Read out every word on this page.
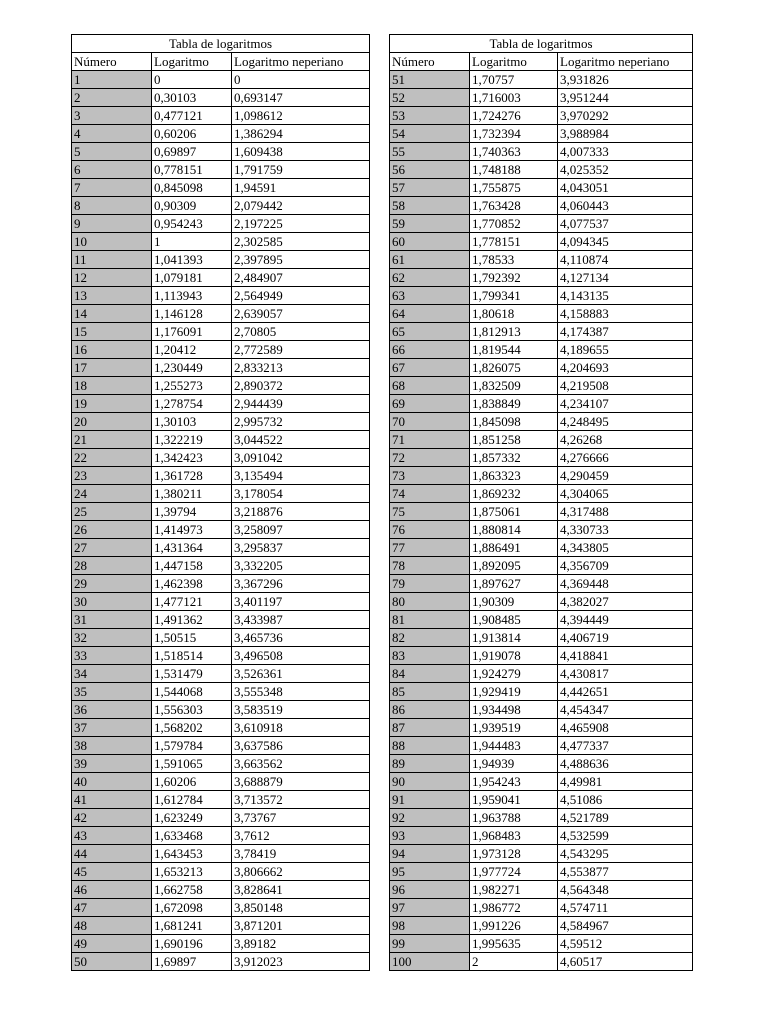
Tabla de logaritmos		
Número	Logaritmo	Logaritmo neperiano
1	0	0
2	0,30103	0,693147
3	0,477121	1,098612
4	0,60206	1,386294
5	0,69897	1,609438
6	0,778151	1,791759
7	0,845098	1,94591
8	0,90309	2,079442
9	0,954243	2,197225
10	1	2,302585
11	1,041393	2,397895
12	1,079181	2,484907
13	1,113943	2,564949
14	1,146128	2,639057
15	1,176091	2,70805
16	1,20412	2,772589
17	1,230449	2,833213
18	1,255273	2,890372
19	1,278754	2,944439
20	1,30103	2,995732
21	1,322219	3,044522
22	1,342423	3,091042
23	1,361728	3,135494
24	1,380211	3,178054
25	1,39794	3,218876
26	1,414973	3,258097
27	1,431364	3,295837
28	1,447158	3,332205
29	1,462398	3,367296
30	1,477121	3,401197
31	1,491362	3,433987
32	1,50515	3,465736
33	1,518514	3,496508
34	1,531479	3,526361
35	1,544068	3,555348
36	1,556303	3,583519
37	1,568202	3,610918
38	1,579784	3,637586
39	1,591065	3,663562
40	1,60206	3,688879
41	1,612784	3,713572
42	1,623249	3,73767
43	1,633468	3,7612
44	1,643453	3,78419
45	1,653213	3,806662
46	1,662758	3,828641
47	1,672098	3,850148
48	1,681241	3,871201
49	1,690196	3,89182
50	1,69897	3,912023
Tabla de logaritmos		
Número	Logaritmo	Logaritmo neperiano
51	1,70757	3,931826
52	1,716003	3,951244
53	1,724276	3,970292
54	1,732394	3,988984
55	1,740363	4,007333
56	1,748188	4,025352
57	1,755875	4,043051
58	1,763428	4,060443
59	1,770852	4,077537
60	1,778151	4,094345
61	1,78533	4,110874
62	1,792392	4,127134
63	1,799341	4,143135
64	1,80618	4,158883
65	1,812913	4,174387
66	1,819544	4,189655
67	1,826075	4,204693
68	1,832509	4,219508
69	1,838849	4,234107
70	1,845098	4,248495
71	1,851258	4,26268
72	1,857332	4,276666
73	1,863323	4,290459
74	1,869232	4,304065
75	1,875061	4,317488
76	1,880814	4,330733
77	1,886491	4,343805
78	1,892095	4,356709
79	1,897627	4,369448
80	1,90309	4,382027
81	1,908485	4,394449
82	1,913814	4,406719
83	1,919078	4,418841
84	1,924279	4,430817
85	1,929419	4,442651
86	1,934498	4,454347
87	1,939519	4,465908
88	1,944483	4,477337
89	1,94939	4,488636
90	1,954243	4,49981
91	1,959041	4,51086
92	1,963788	4,521789
93	1,968483	4,532599
94	1,973128	4,543295
95	1,977724	4,553877
96	1,982271	4,564348
97	1,986772	4,574711
98	1,991226	4,584967
99	1,995635	4,59512
100	2	4,60517
